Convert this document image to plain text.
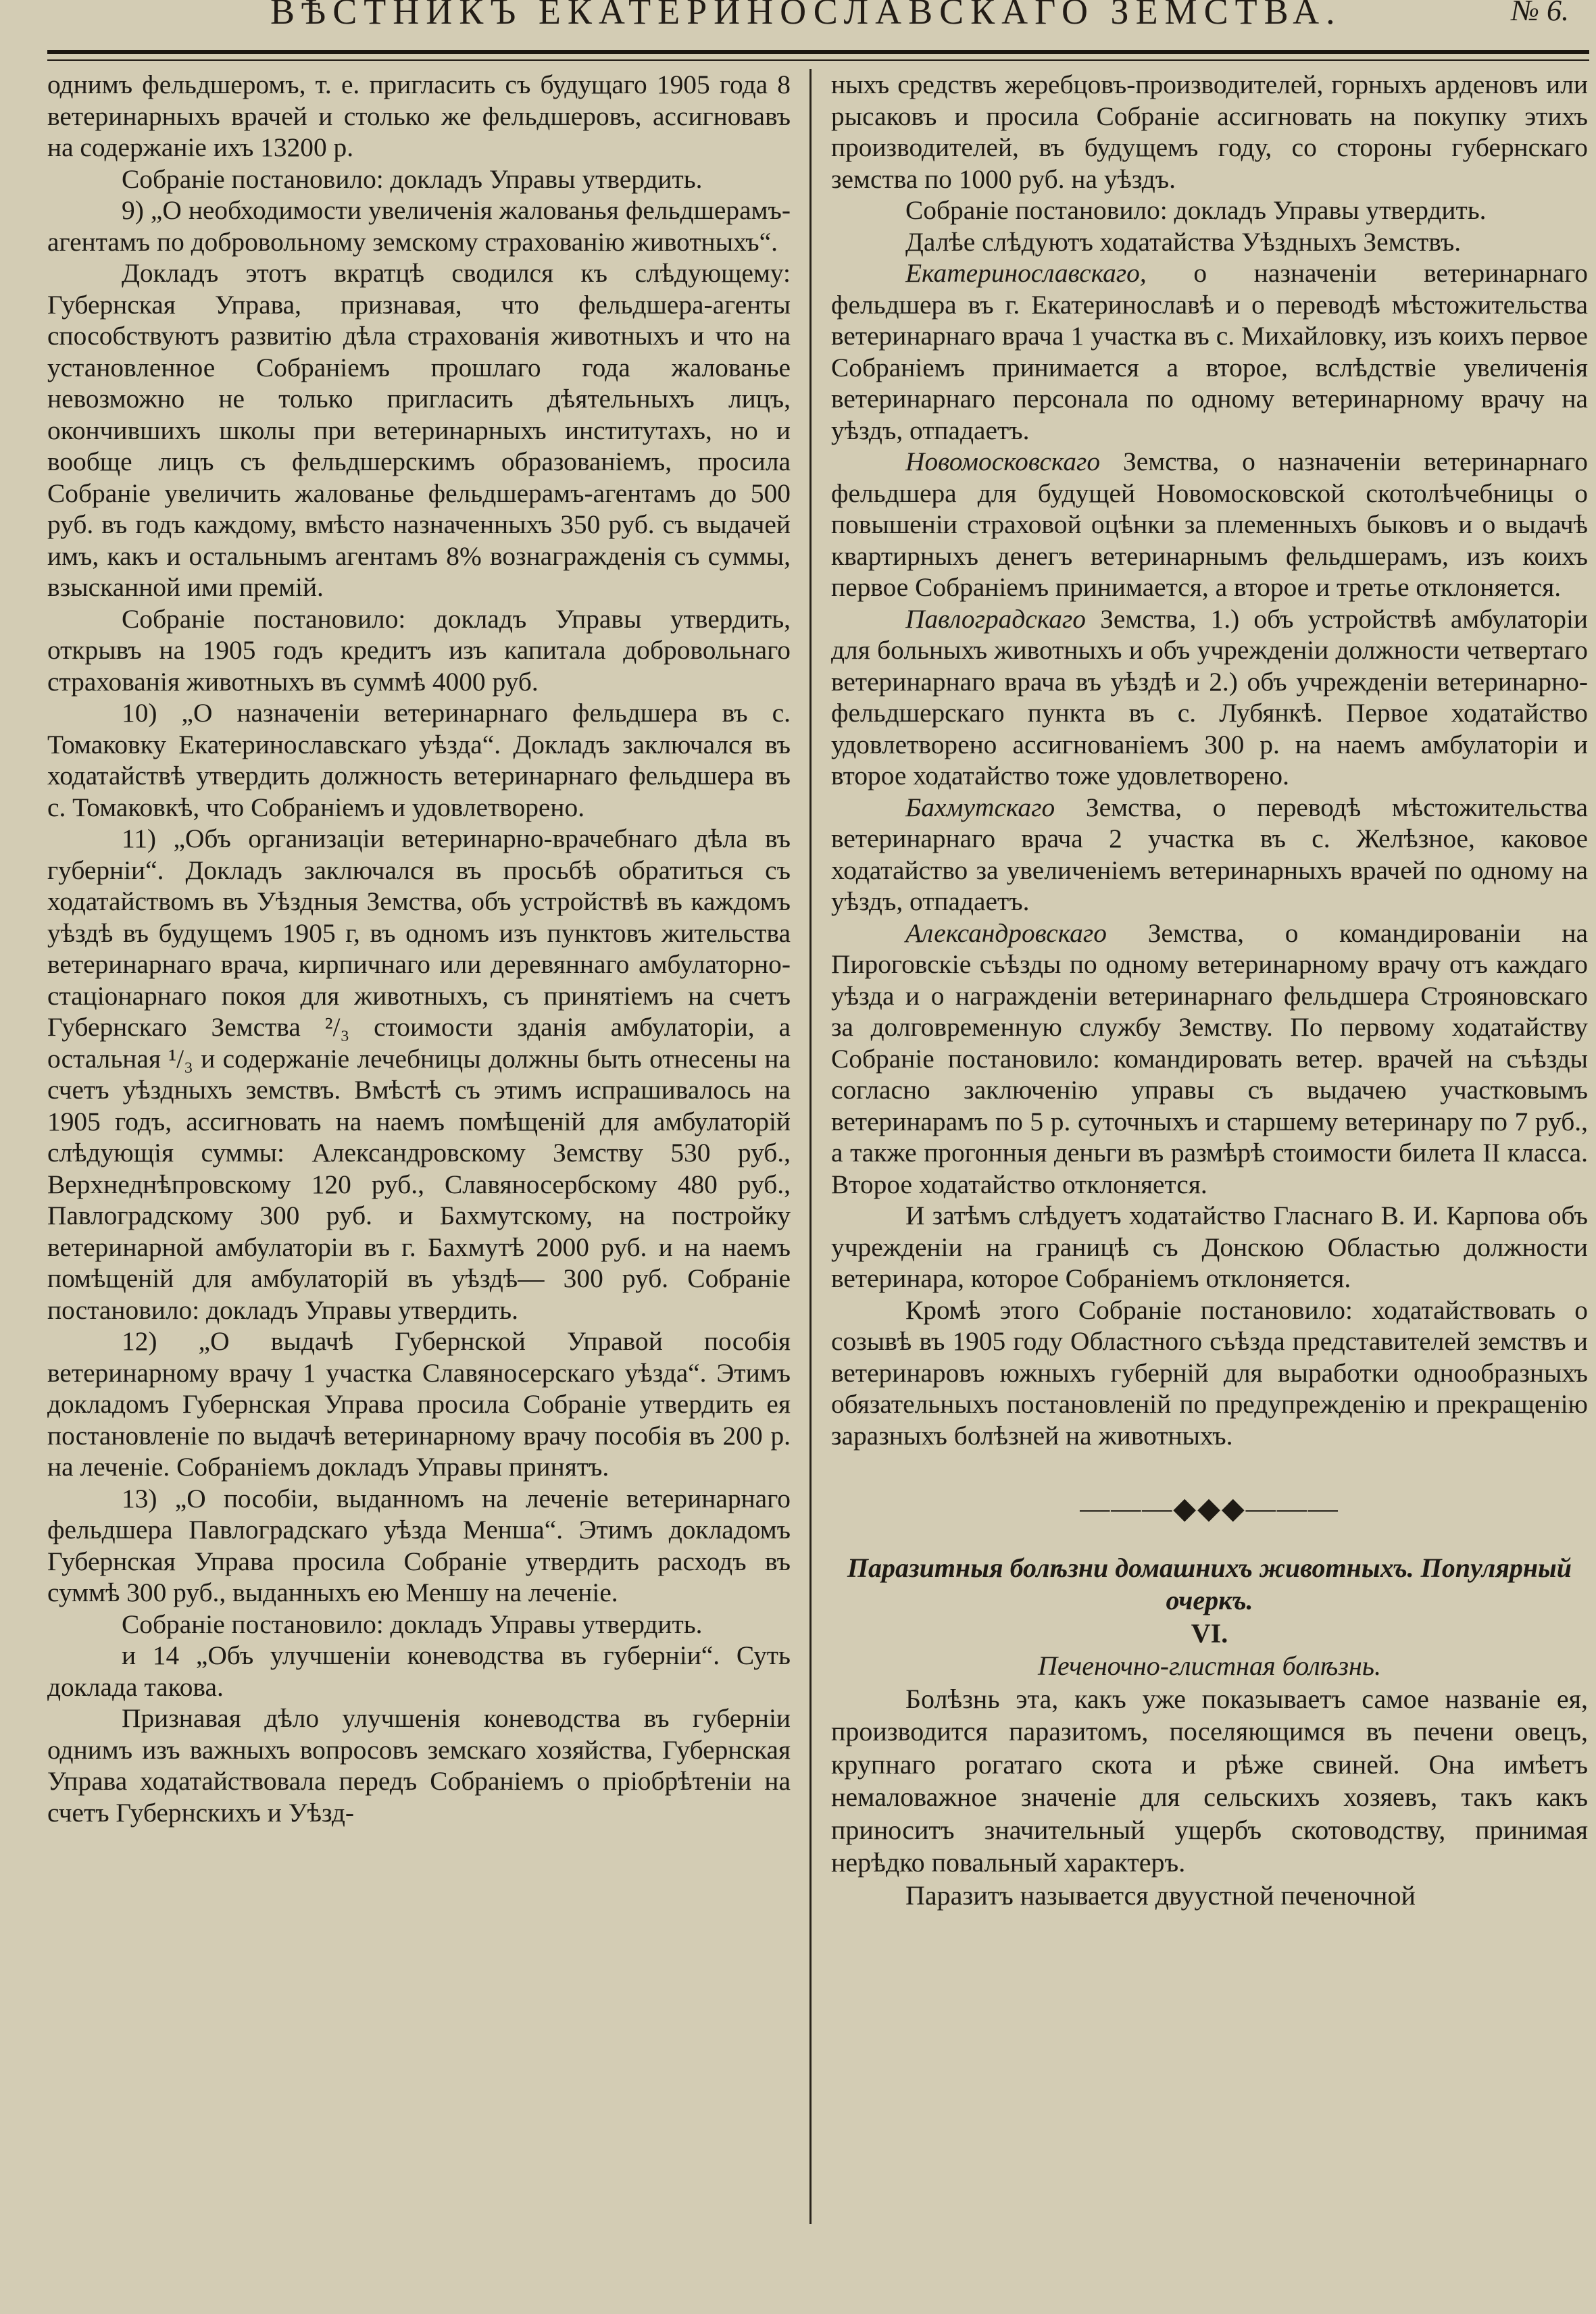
ВѢСТНИКЪ ЕКАТЕРИНОСЛАВСКАГО ЗЕМСТВА.	№ 6.

однимъ фельдшеромъ, т. е. пригласить съ будущаго 1905 года 8 ветеринарныхъ врачей и столько же фельдшеровъ, ассигновавъ на содержаніе ихъ 13200 р.

Собраніе постановило: докладъ Управы утвердить.

9) „О необходимости увеличенія жалованья фельдшерамъ-агентамъ по добровольному земскому страхованію животныхъ“.

Докладъ этотъ вкратцѣ сводился къ слѣдующему: Губернская Управа, признавая, что фельдшера-агенты способствуютъ развитію дѣла страхованія животныхъ и что на установленное Собраніемъ прошлаго года жалованье невозможно не только пригласить дѣятельныхъ лицъ, окончившихъ школы при ветеринарныхъ институтахъ, но и вообще лицъ съ фельдшерскимъ образованіемъ, просила Собраніе увеличить жалованье фельдшерамъ-агентамъ до 500 руб. въ годъ каждому, вмѣсто назначенныхъ 350 руб. съ выдачей имъ, какъ и остальнымъ агентамъ 8% вознагражденія съ суммы, взысканной ими премій.

Собраніе постановило: докладъ Управы утвердить, открывъ на 1905 годъ кредитъ изъ капитала добровольнаго страхованія животныхъ въ суммѣ 4000 руб.

10) „О назначеніи ветеринарнаго фельдшера въ с. Томаковку Екатеринославскаго уѣзда“. Докладъ заключался въ ходатайствѣ утвердить должность ветеринарнаго фельдшера въ с. Томаковкѣ, что Собраніемъ и удовлетворено.

11) „Объ организаціи ветеринарно-врачебнаго дѣла въ губерніи“. Докладъ заключался въ просьбѣ обратиться съ ходатайствомъ въ Уѣздныя Земства, объ устройствѣ въ каждомъ уѣздѣ въ будущемъ 1905 г, въ одномъ изъ пунктовъ жительства ветеринарнаго врача, кирпичнаго или деревяннаго амбулаторно-стаціонарнаго покоя для животныхъ, съ принятіемъ на счетъ Губернскаго Земства ²/₃ стоимости зданія амбулаторіи, а остальная ¹/₃ и содержаніе лечебницы должны быть отнесены на счетъ уѣздныхъ земствъ. Вмѣстѣ съ этимъ испрашивалось на 1905 годъ, ассигновать на наемъ помѣщеній для амбулаторій слѣдующія суммы: Александровскому Земству 530 руб., Верхнеднѣпровскому 120 руб., Славяносербскому 480 руб., Павлоградскому 300 руб. и Бахмутскому, на постройку ветеринарной амбулаторіи въ г. Бахмутѣ 2000 руб. и на наемъ помѣщеній для амбулаторій въ уѣздѣ— 300 руб. Собраніе постановило: докладъ Управы утвердить.

12) „О выдачѣ Губернской Управой пособія ветеринарному врачу 1 участка Славяносерскаго уѣзда“. Этимъ докладомъ Губернская Управа просила Собраніе утвердить ея постановленіе по выдачѣ ветеринарному врачу пособія въ 200 р. на леченіе. Собраніемъ докладъ Управы принятъ.

13) „О пособіи, выданномъ на леченіе ветеринарнаго фельдшера Павлоградскаго уѣзда Менша“. Этимъ докладомъ Губернская Управа просила Собраніе утвердить расходъ въ суммѣ 300 руб., выданныхъ ею Меншу на леченіе.

Собраніе постановило: докладъ Управы утвердить.

и 14 „Объ улучшеніи коневодства въ губерніи“. Суть доклада такова.

Признавая дѣло улучшенія коневодства въ губерніи однимъ изъ важныхъ вопросовъ земскаго хозяйства, Губернская Управа ходатайствовала передъ Собраніемъ о пріобрѣтеніи на счетъ Губернскихъ и Уѣзд-

ныхъ средствъ жеребцовъ-производителей, горныхъ арденовъ или рысаковъ и просила Собраніе ассигновать на покупку этихъ производителей, въ будущемъ году, со стороны губернскаго земства по 1000 руб. на уѣздъ.

Собраніе постановило: докладъ Управы утвердить.

Далѣе слѣдуютъ ходатайства Уѣздныхъ Земствъ.

Екатеринославскаго, о назначеніи ветеринарнаго фельдшера въ г. Екатеринославѣ и о переводѣ мѣстожительства ветеринарнаго врача 1 участка въ с. Михайловку, изъ коихъ первое Собраніемъ принимается а второе, вслѣдствіе увеличенія ветеринарнаго персонала по одному ветеринарному врачу на уѣздъ, отпадаетъ.

Новомосковскаго Земства, о назначеніи ветеринарнаго фельдшера для будущей Новомосковской скотолѣчебницы о повышеніи страховой оцѣнки за племенныхъ быковъ и о выдачѣ квартирныхъ денегъ ветеринарнымъ фельдшерамъ, изъ коихъ первое Собраніемъ принимается, а второе и третье отклоняется.

Павлоградскаго Земства, 1.) объ устройствѣ амбулаторіи для больныхъ животныхъ и объ учрежденіи должности четвертаго ветеринарнаго врача въ уѣздѣ и 2.) объ учрежденіи ветеринарно-фельдшерскаго пункта въ с. Лубянкѣ. Первое ходатайство удовлетворено ассигнованіемъ 300 р. на наемъ амбулаторіи и второе ходатайство тоже удовлетворено.

Бахмутскаго Земства, о переводѣ мѣстожительства ветеринарнаго врача 2 участка въ с. Желѣзное, каковое ходатайство за увеличеніемъ ветеринарныхъ врачей по одному на уѣздъ, отпадаетъ.

Александровскаго Земства, о командированіи на Пироговскіе съѣзды по одному ветеринарному врачу отъ каждаго уѣзда и о награжденіи ветеринарнаго фельдшера Строяновскаго за долговременную службу Земству. По первому ходатайству Собраніе постановило: командировать ветер. врачей на съѣзды согласно заключенію управы съ выдачею участковымъ ветеринарамъ по 5 р. суточныхъ и старшему ветеринару по 7 руб., а также прогонныя деньги въ размѣрѣ стоимости билета II класса. Второе ходатайство отклоняется.

И затѣмъ слѣдуетъ ходатайство Гласнаго В. И. Карпова объ учрежденіи на границѣ съ Донскою Областью должности ветеринара, которое Собраніемъ отклоняется.

Кромѣ этого Собраніе постановило: ходатайствовать о созывѣ въ 1905 году Областного съѣзда представителей земствъ и ветеринаровъ южныхъ губерній для выработки однообразныхъ обязательныхъ постановленій по предупрежденію и прекращенію заразныхъ болѣзней на животныхъ.

———◆◆◆———

Паразитныя болѣзни домашнихъ животныхъ. Популярный очеркъ.

VI.

Печеночно-глистная болѣзнь.

Болѣзнь эта, какъ уже показываетъ самое названіе ея, производится паразитомъ, поселяющимся въ печени овецъ, крупнаго рогатаго скота и рѣже свиней. Она имѣетъ немаловажное значеніе для сельскихъ хозяевъ, такъ какъ приноситъ значительный ущербъ скотоводству, принимая нерѣдко повальный характеръ.

Паразитъ называется двуустной печеночной
